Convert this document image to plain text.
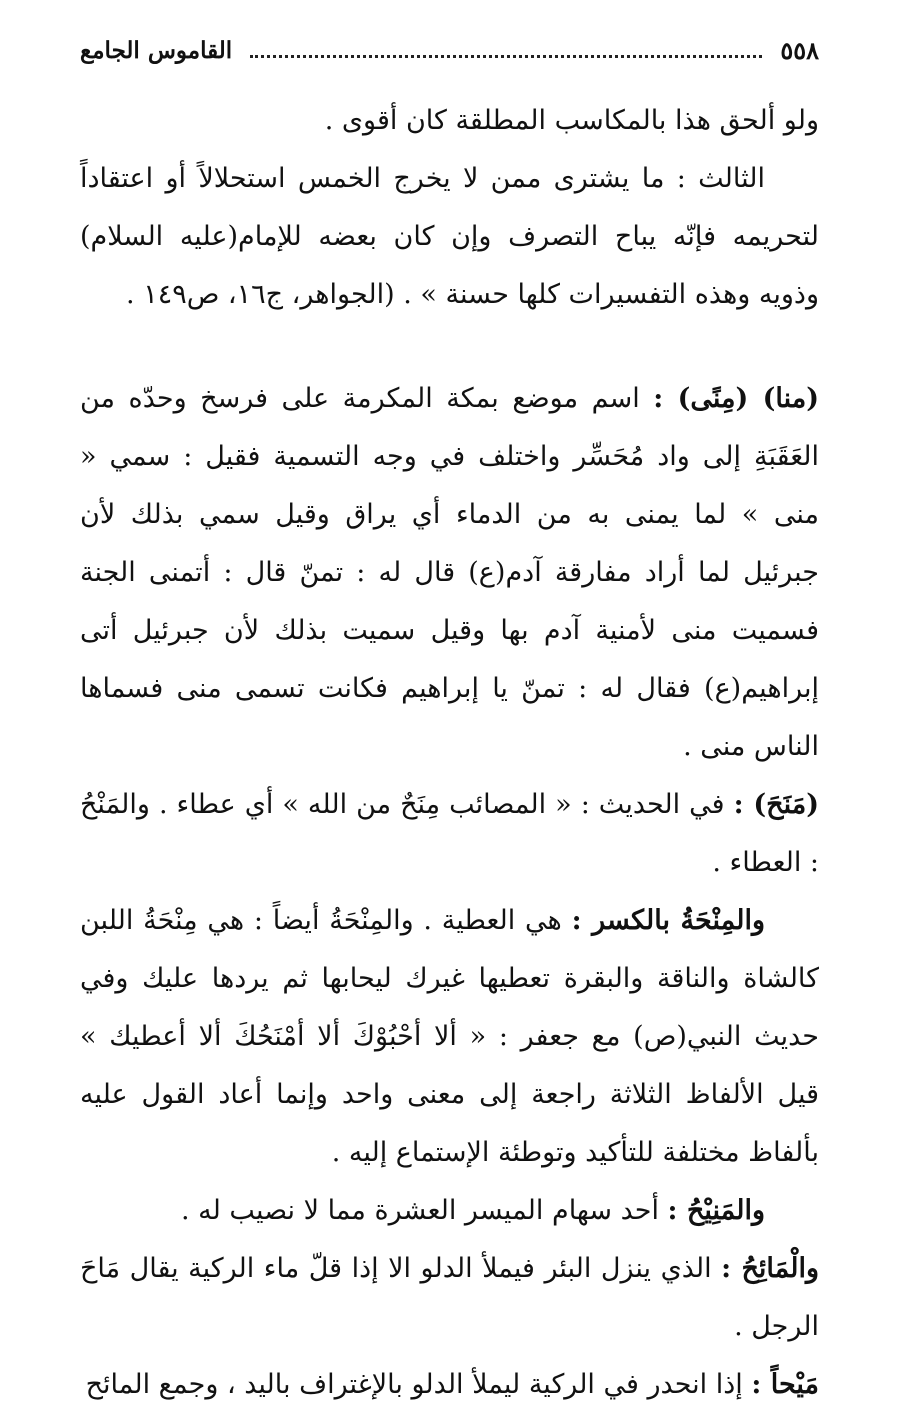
٥٥٨
القاموس الجامع

ولو ألحق هذا بالمكاسب المطلقة كان أقوى .

الثالث : ما يشترى ممن لا يخرج الخمس استحلالاً أو اعتقاداً لتحريمه فإنّه يباح التصرف وإن كان بعضه للإمام(عليه السلام) وذويه وهذه التفسيرات كلها حسنة » . (الجواهر، ج١٦، ص١٤٩ .

(منا) (مِنًى) : اسم موضع بمكة المكرمة على فرسخ وحدّه من العَقَبَةِ إلى واد مُحَسِّر واختلف في وجه التسمية فقيل : سمي « منى » لما يمنى به من الدماء أي يراق وقيل سمي بذلك لأن جبرئيل لما أراد مفارقة آدم(ع) قال له : تمنّ قال : أتمنى الجنة فسميت منى لأمنية آدم بها وقيل سميت بذلك لأن جبرئيل أتى إبراهيم(ع) فقال له : تمنّ يا إبراهيم فكانت تسمى منى فسماها الناس منى .

(مَنَحَ) : في الحديث : « المصائب مِنَحٌ من الله » أي عطاء . والمَنْحُ : العطاء .

والمِنْحَةُ بالكسر : هي العطية . والمِنْحَةُ أيضاً : هي مِنْحَةُ اللبن كالشاة والناقة والبقرة تعطيها غيرك ليحابها ثم يردها عليك وفي حديث النبي(ص) مع جعفر : « ألا أحْبُوْكَ ألا أمْنَحُكَ ألا أعطيك » قيل الألفاظ الثلاثة راجعة إلى معنى واحد وإنما أعاد القول عليه بألفاظ مختلفة للتأكيد وتوطئة الإستماع إليه .

والمَنِيْحُ : أحد سهام الميسر العشرة مما لا نصيب له .

والْمَائِحُ : الذي ينزل البئر فيملأ الدلو الا إذا قلّ ماء الركية يقال مَاحَ الرجل .

مَيْحاً : إذا انحدر في الركية ليملأ الدلو بالإغتراف باليد ، وجمع المائح
